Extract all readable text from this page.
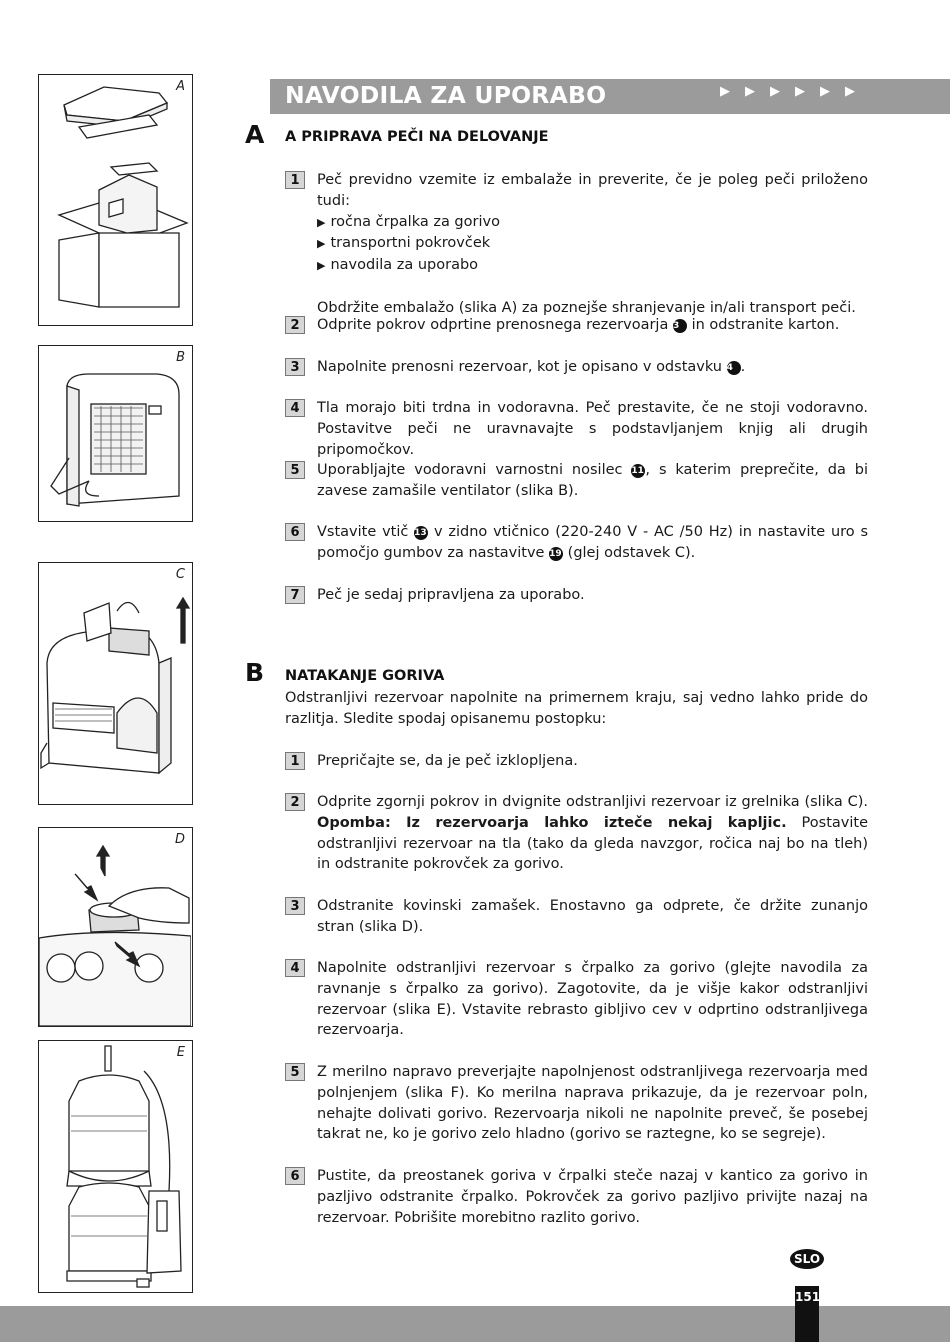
A
B
C
D
E
NAVODILA ZA UPORABO	▶▶▶▶▶▶
A A PRIPRAVA PEČI NA DELOVANJE
1	Peč previdno vzemite iz embalaže in preverite, če je poleg peči priloženo tudi:

▶ ročna črpalka za gorivo

▶ transportni pokrovček

▶ navodila za uporabo

Obdržite embalažo (slika A) za poznejše shranjevanje in/ali transport peči.

2	Odprite pokrov odprtine prenosnega rezervoarja 3 in odstranite karton.
3	Napolnite prenosni rezervoar, kot je opisano v odstavku 4 .
4	Tla morajo biti trdna in vodoravna. Peč prestavite, če ne stoji vodoravno. Postavitve peči ne uravnavajte s podstavljanjem knjig ali drugih pripomočkov.
5	Uporabljajte vodoravni varnostni nosilec 11, s katerim preprečite, da bi zavese zamašile ventilator (slika B).
6	Vstavite vtič 13 v zidno vtičnico (220-240 V - AC /50 Hz) in nastavite uro s pomočjo gumbov za nastavitve 19 (glej odstavek C).
7	Peč je sedaj pripravljena za uporabo.
B NATAKANJE GORIVA
Odstranljivi rezervoar napolnite na primernem kraju, saj vedno lahko pride do razlitja. Sledite spodaj opisanemu postopku:
1	Prepričajte se, da je peč izklopljena.
2	Odprite zgornji pokrov in dvignite odstranljivi rezervoar iz grelnika (slika C). Opomba: Iz rezervoarja lahko izteče nekaj kapljic. Postavite odstranljivi rezervoar na tla (tako da gleda navzgor, ročica naj bo na tleh) in odstranite pokrovček za gorivo.
3	Odstranite kovinski zamašek. Enostavno ga odprete, če držite zunanjo stran (slika D).
4	Napolnite odstranljivi rezervoar s črpalko za gorivo (glejte navodila za ravnanje s črpalko za gorivo). Zagotovite, da je višje kakor odstranljivi rezervoar (slika E). Vstavite rebrasto gibljivo cev v odprtino odstranljivega rezervoarja.
5	Z merilno napravo preverjajte napolnjenost odstranljivega rezervoarja med polnjenjem (slika F). Ko merilna naprava prikazuje, da je rezervoar poln, nehajte dolivati gorivo. Rezervoarja nikoli ne napolnite preveč, še posebej takrat ne, ko je gorivo zelo hladno (gorivo se raztegne, ko se segreje).
6	Pustite, da preostanek goriva v črpalki steče nazaj v kantico za gorivo in pazljivo odstranite črpalko. Pokrovček za gorivo pazljivo privijte nazaj na rezervoar. Pobrišite morebitno razlito gorivo.
SLO
151
